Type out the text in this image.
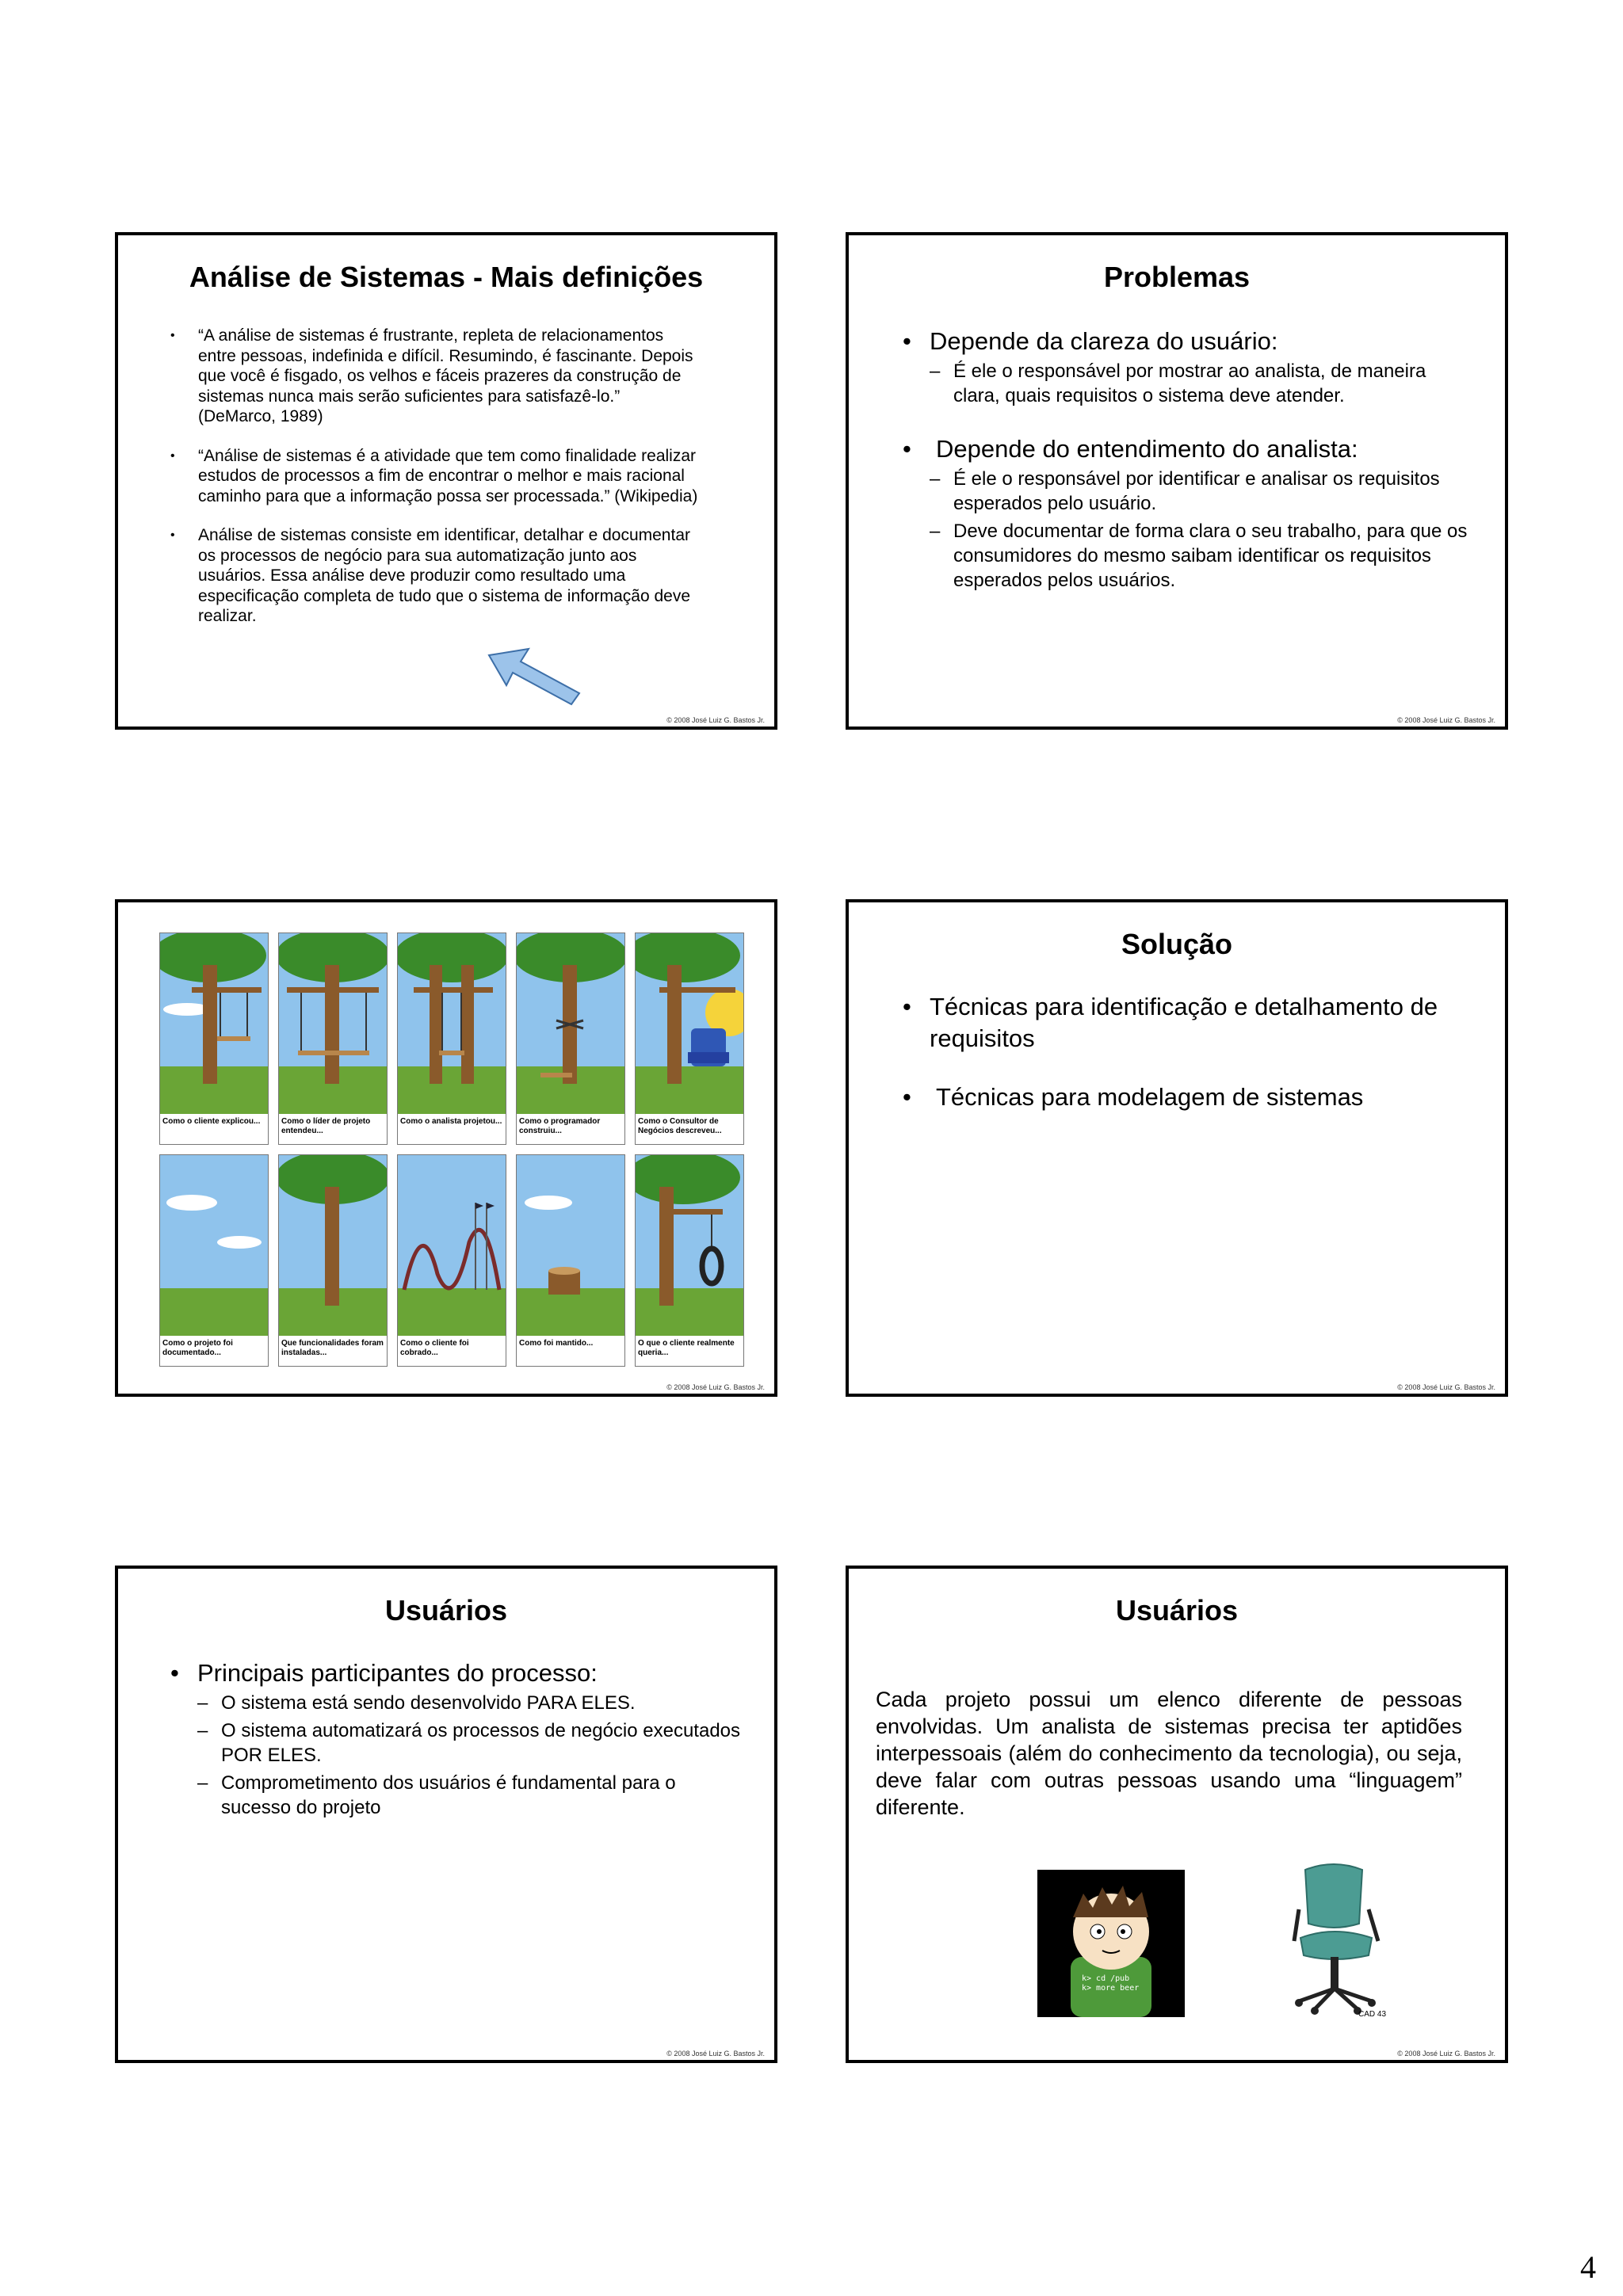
Análise de Sistemas - Mais definições
• “A análise de sistemas é frustrante, repleta de relacionamentos entre pessoas, indefinida e difícil. Resumindo, é fascinante. Depois que você é fisgado, os velhos e fáceis prazeres da construção de sistemas nunca mais serão suficientes para satisfazê-lo.” (DeMarco, 1989)
• “Análise de sistemas é a atividade que tem como finalidade realizar estudos de processos a fim de encontrar o melhor e mais racional caminho para que a informação possa ser processada.” (Wikipedia)
• Análise de sistemas consiste em identificar, detalhar e documentar os processos de negócio para sua automatização junto aos usuários. Essa análise deve produzir como resultado uma especificação completa de tudo que o sistema de informação deve realizar.
© 2008 José Luiz G. Bastos Jr.
Problemas
• Depende da clareza do usuário:
– É ele o responsável por mostrar ao analista, de maneira clara, quais requisitos o sistema deve atender.
• Depende do entendimento do analista:
– É ele o responsável por identificar e analisar os requisitos esperados pelo usuário.
– Deve documentar de forma clara o seu trabalho, para que os consumidores do mesmo saibam identificar os requisitos esperados pelos usuários.
© 2008 José Luiz G. Bastos Jr.
Como o cliente explicou...	Como o líder de projeto entendeu...
Como o analista projetou... Como o programador construiu...
Como o Consultor de Negócios descreveu...
Como o projeto foi documentado...
Que funcionalidades foram instaladas...
Como o cliente foi cobrado...
Como foi mantido...	O que o cliente realmente queria...
© 2008 José Luiz G. Bastos Jr.
Solução
• Técnicas para identificação e detalhamento de requisitos
• Técnicas para modelagem de sistemas
© 2008 José Luiz G. Bastos Jr.
Usuários
• Principais participantes do processo:
– O sistema está sendo desenvolvido PARA ELES.
– O sistema automatizará os processos de negócio executados POR ELES.
– Comprometimento dos usuários é fundamental para o sucesso do projeto
© 2008 José Luiz G. Bastos Jr.
Usuários
Cada projeto possui um elenco diferente de pessoas envolvidas. Um analista de sistemas precisa ter aptidões interpessoais (além do conhecimento da tecnologia), ou seja, deve falar com outras pessoas usando uma “linguagem” diferente.
k> cd /pub
k> more beer
CAD 43
© 2008 José Luiz G. Bastos Jr.
4
